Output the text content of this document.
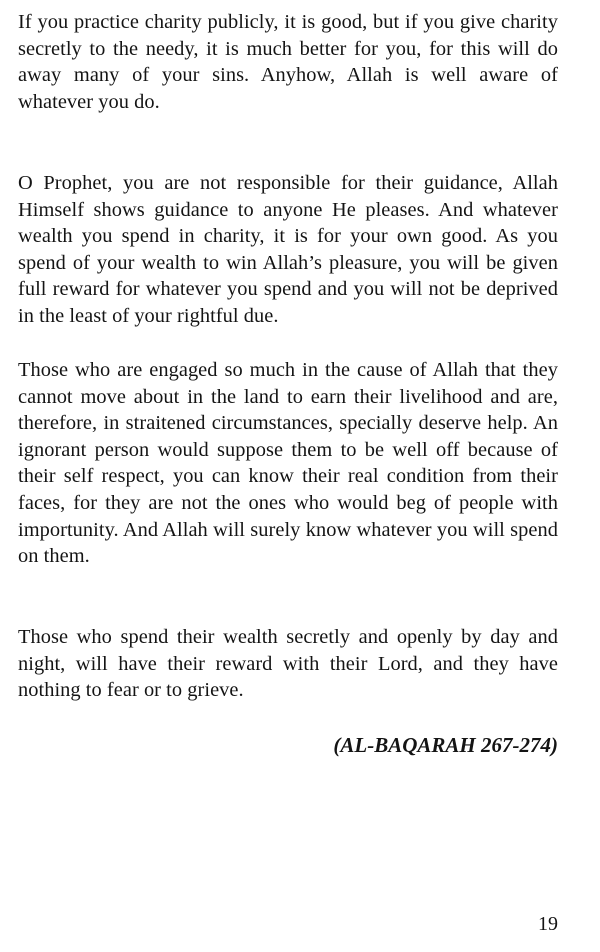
If you practice charity publicly, it is good, but if you give charity secretly to the needy, it is much better for you, for this will do away many of your sins. Anyhow, Allah is well aware of whatever you do.

O Prophet, you are not responsible for their guidance, Allah Himself shows guidance to anyone He pleases. And whatever wealth you spend in charity, it is for your own good. As you spend of your wealth to win Allah’s pleasure, you will be given full reward for whatever you spend and you will not be deprived in the least of your rightful due.

Those who are engaged so much in the cause of Allah that they cannot move about in the land to earn their livelihood and are, therefore, in straitened circumstances, specially deserve help. An ignorant person would suppose them to be well off because of their self respect, you can know their real condition from their faces, for they are not the ones who would beg of people with importunity. And Allah will surely know whatever you will spend on them.

Those who spend their wealth secretly and openly by day and night, will have their reward with their Lord, and they have nothing to fear or to grieve.

(AL-BAQARAH 267-274)

19
